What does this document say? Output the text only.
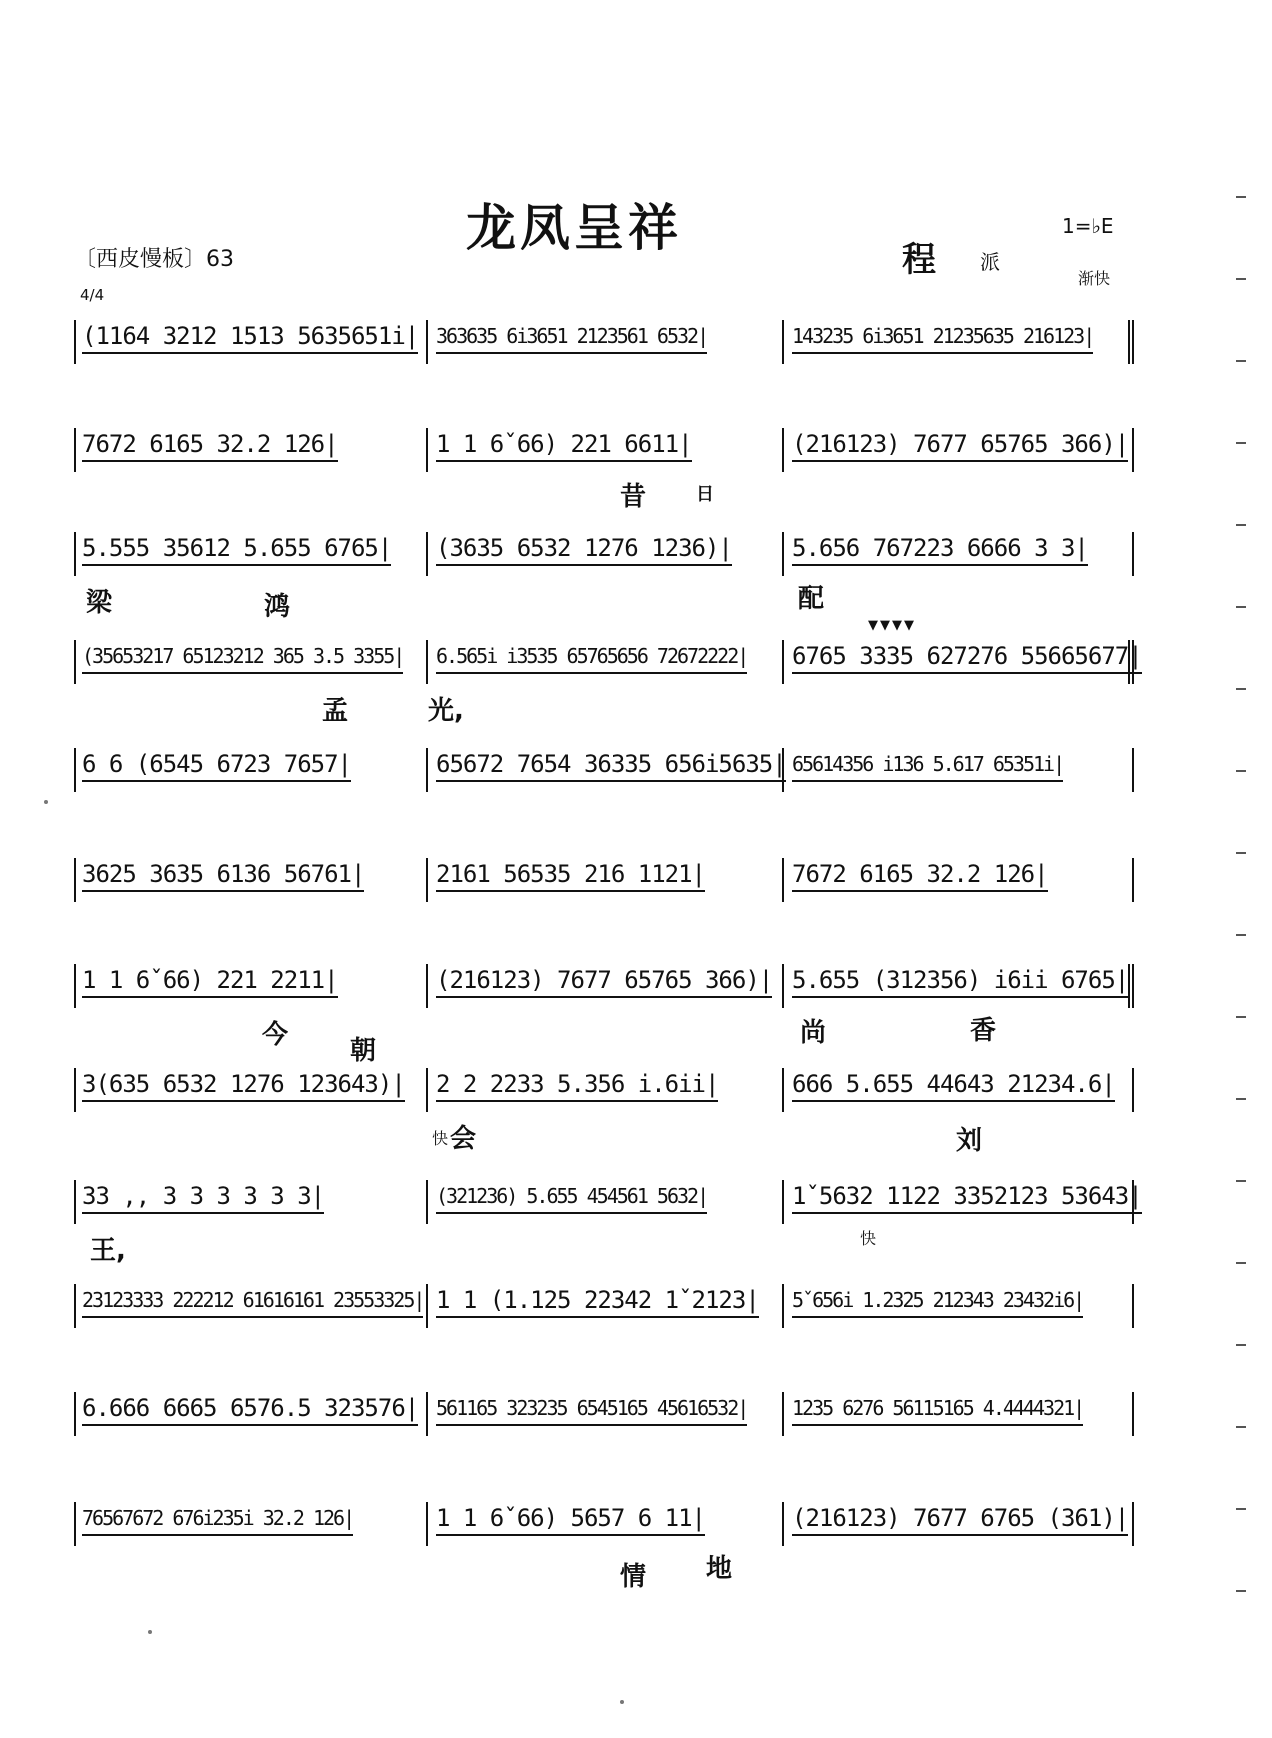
龙凤呈祥
〔西皮慢板〕63	程 派
1=♭E
4/4
(1164 3212 1513 5635651i| 363635 6i3651 2123561 6532|	143235 6i3651 21235635 216123|
7672 6165 32.2 126|	1 1 6ˇ66) 221 6611|	(216123) 7677 65765 366)|
5.555 35612 5.655 6765| (3635 6532 1276 1236)|	5.656 767223 6666 3 3|
(35653217 65123212 365 3.5 3355| 6.565i i3535 65765656 72672222| 6765 3335 627276 55665677|
6 6 (6545 6723 7657|	65672 7654 36335 656i5635| 65614356 i136 5.617 65351i|
3625 3635 6136 56761|	2161 56535 216 1121|	7672 6165 32.2 126|
1 1 6ˇ66) 221 2211|	(216123) 7677 65765 366)| 5.655 (312356) i6ii 6765|
3(635 6532 1276 123643)| 2 2 2233 5.356 i.6ii|	666 5.655 44643 21234.6|
33 ,, 3 3 3 3 3 3|	(321236) 5.655 454561 5632|	1ˇ5632 1122 3352123 53643|
23123333 222212 61616161 23553325| 1 1 (1.125 22342 1ˇ2123| 5ˇ656i 1.2325 212343 23432i6|
6.666 6665 6576.5 323576| 561165 323235 6545165 45616532| 1235 6276 56115165 4.4444321|
76567672 676i235i 32.2 126|	1 1 6ˇ66) 5657 6 11|	(216123) 7677 6765 (361)|
渐快
快
快
▼▼▼▼
昔	日
梁	鸿	配
孟	光,
今
朝
尚	香
会	刘
王,
情 地
